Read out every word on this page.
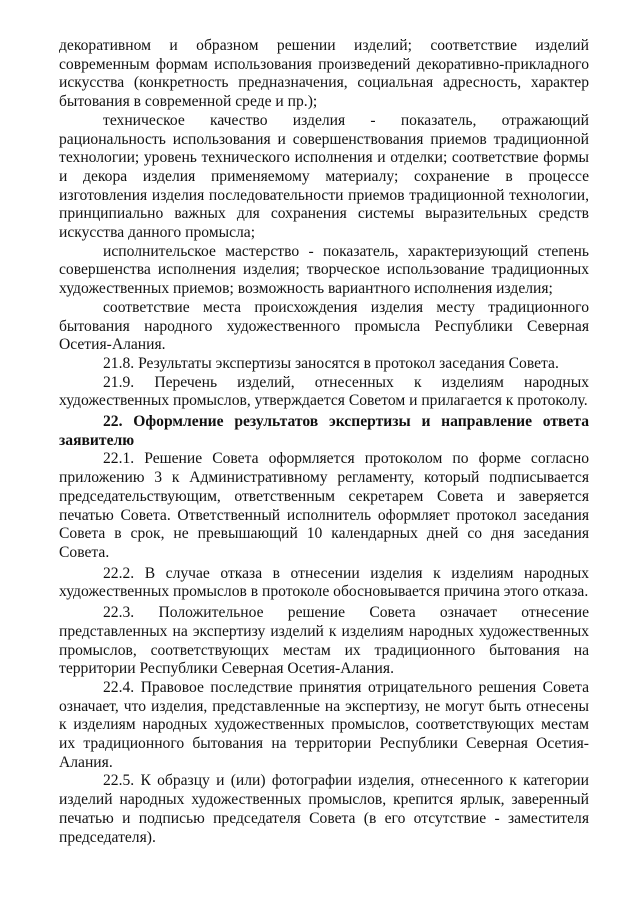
декоративном и образном решении изделий; соответствие изделий современным формам использования произведений декоративно-прикладного искусства (конкретность предназначения, социальная адресность, характер бытования в современной среде и пр.);

техническое качество изделия - показатель, отражающий рациональность использования и совершенствования приемов традиционной технологии; уровень технического исполнения и отделки; соответствие формы и декора изделия применяемому материалу; сохранение в процессе изготовления изделия последовательности приемов традиционной технологии, принципиально важных для сохранения системы выразительных средств искусства данного промысла;

исполнительское мастерство - показатель, характеризующий степень совершенства исполнения изделия; творческое использование традиционных художественных приемов; возможность вариантного исполнения изделия;

соответствие места происхождения изделия месту традиционного бытования народного художественного промысла Республики Северная Осетия-Алания.

21.8. Результаты экспертизы заносятся в протокол заседания Совета.

21.9. Перечень изделий, отнесенных к изделиям народных художественных промыслов, утверждается Советом и прилагается к протоколу.

22. Оформление результатов экспертизы и направление ответа заявителю

22.1. Решение Совета оформляется протоколом по форме согласно приложению 3 к Административному регламенту, который подписывается председательствующим, ответственным секретарем Совета и заверяется печатью Совета. Ответственный исполнитель оформляет протокол заседания Совета в срок, не превышающий 10 календарных дней со дня заседания Совета.

22.2. В случае отказа в отнесении изделия к изделиям народных художественных промыслов в протоколе обосновывается причина этого отказа.

22.3. Положительное решение Совета означает отнесение представленных на экспертизу изделий к изделиям народных художественных промыслов, соответствующих местам их традиционного бытования на территории Республики Северная Осетия-Алания.

22.4. Правовое последствие принятия отрицательного решения Совета означает, что изделия, представленные на экспертизу, не могут быть отнесены к изделиям народных художественных промыслов, соответствующих местам их традиционного бытования на территории Республики Северная Осетия-Алания.

22.5. К образцу и (или) фотографии изделия, отнесенного к категории изделий народных художественных промыслов, крепится ярлык, заверенный печатью и подписью председателя Совета (в его отсутствие - заместителя председателя).
